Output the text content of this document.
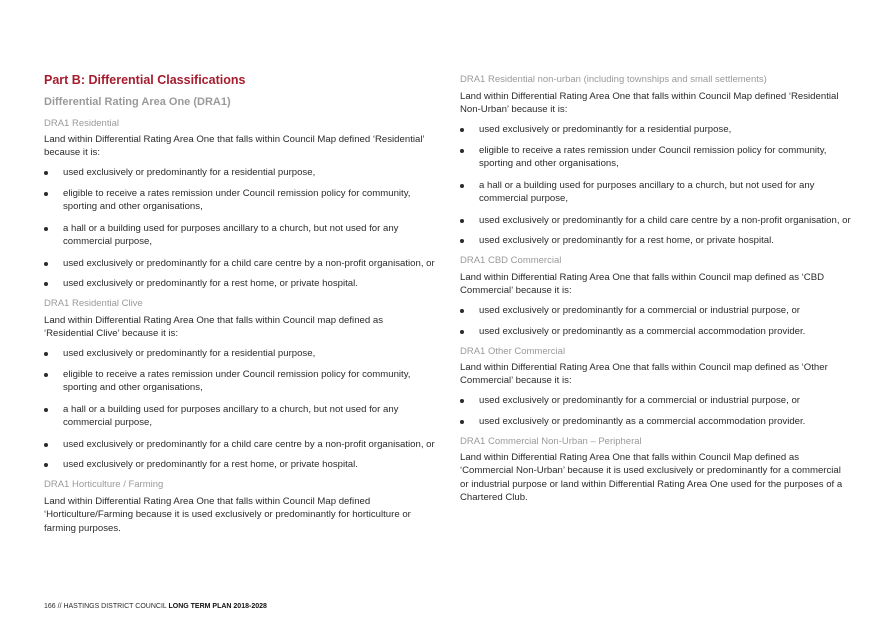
Part B: Differential Classifications
Differential Rating Area One (DRA1)

DRA1 Residential

Land within Differential Rating Area One that falls within Council Map defined ‘Residential’ because it is:

used exclusively or predominantly for a residential purpose,

eligible to receive a rates remission under Council remission policy for community, sporting and other organisations,

a hall or a building used for purposes ancillary to a church, but not used for any commercial purpose,

used exclusively or predominantly for a child care centre by a non-profit organisation, or

used exclusively or predominantly for a rest home, or private hospital.

DRA1 Residential Clive

Land within Differential Rating Area One that falls within Council map defined as ‘Residential Clive’ because it is:

used exclusively or predominantly for a residential purpose,

eligible to receive a rates remission under Council remission policy for community, sporting and other organisations,

a hall or a building used for purposes ancillary to a church, but not used for any commercial purpose,

used exclusively or predominantly for a child care centre by a non-profit organisation, or

used exclusively or predominantly for a rest home, or private hospital.

DRA1 Horticulture / Farming

Land within Differential Rating Area One that falls within Council Map defined ‘Horticulture/Farming because it is used exclusively or predominantly for horticulture or farming purposes.

DRA1 Residential non-urban (including townships and small settlements)

Land within Differential Rating Area One that falls within Council Map defined ‘Residential Non-Urban’ because it is:

used exclusively or predominantly for a residential purpose,

eligible to receive a rates remission under Council remission policy for community, sporting and other organisations,

a hall or a building used for purposes ancillary to a church, but not used for any commercial purpose,

used exclusively or predominantly for a child care centre by a non-profit organisation, or

used exclusively or predominantly for a rest home, or private hospital.

DRA1 CBD Commercial

Land within Differential Rating Area One that falls within Council map defined as ‘CBD Commercial’ because it is:

used exclusively or predominantly for a commercial or industrial purpose, or

used exclusively or predominantly as a commercial accommodation provider.

DRA1 Other Commercial

Land within Differential Rating Area One that falls within Council map defined as ‘Other Commercial’ because it is:

used exclusively or predominantly for a commercial or industrial purpose, or

used exclusively or predominantly as a commercial accommodation provider.

DRA1 Commercial Non-Urban – Peripheral

Land within Differential Rating Area One that falls within Council Map defined as ‘Commercial Non-Urban’ because it is used exclusively or predominantly for a commercial or industrial purpose or land within Differential Rating Area One used for the purposes of a Chartered Club.

166 // HASTINGS DISTRICT COUNCIL LONG TERM PLAN 2018-2028
